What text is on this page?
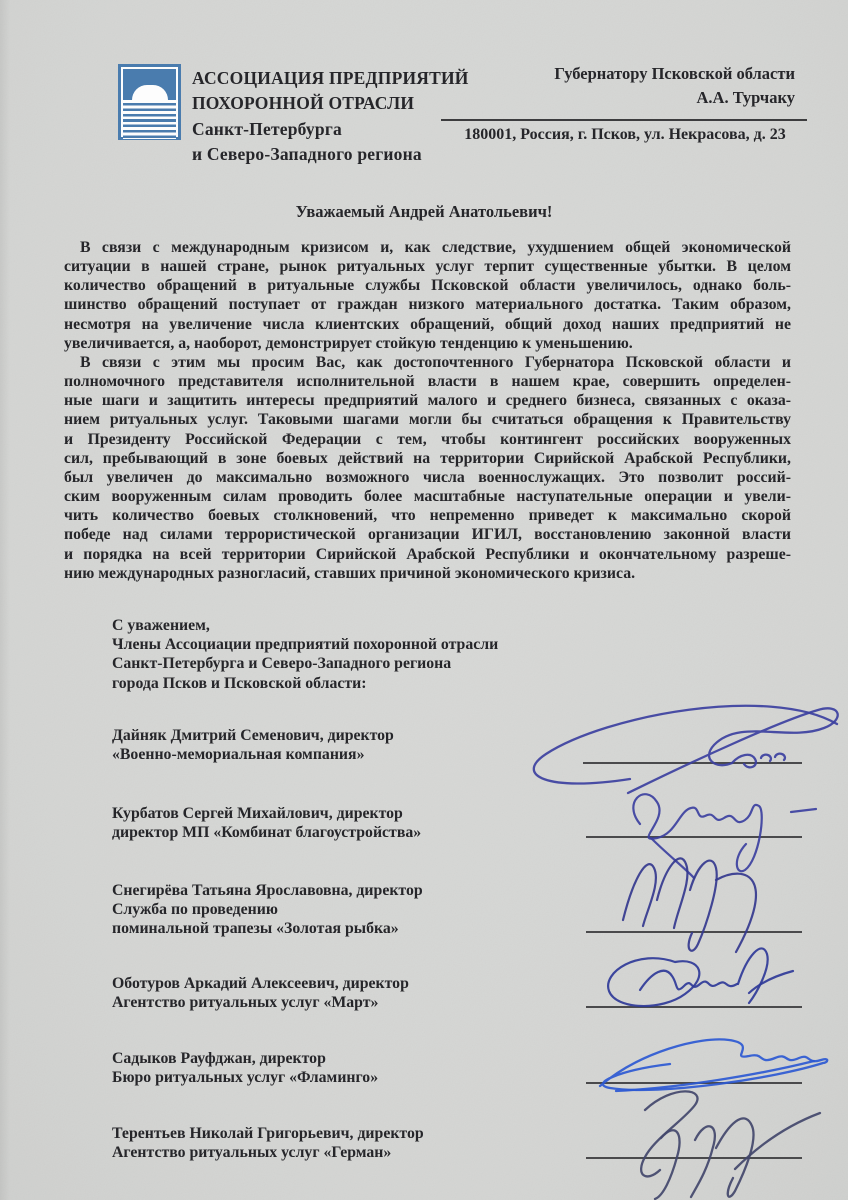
АССОЦИАЦИЯ ПРЕДПРИЯТИЙ
ПОХОРОННОЙ ОТРАСЛИ
Санкт-Петербурга
и Северо-Западного региона
Губернатору Псковской области
А.А. Турчаку
180001, Россия, г. Псков, ул. Некрасова, д. 23
Уважаемый Андрей Анатольевич!
В связи с международным кризисом и, как следствие, ухудшением общей экономической
ситуации в нашей стране, рынок ритуальных услуг терпит существенные убытки. В целом
количество обращений в ритуальные службы Псковской области увеличилось, однако боль-
шинство обращений поступает от граждан низкого материального достатка. Таким образом,
несмотря на увеличение числа клиентских обращений, общий доход наших предприятий не
увеличивается, а, наоборот, демонстрирует стойкую тенденцию к уменьшению.
В связи с этим мы просим Вас, как достопочтенного Губернатора Псковской области и
полномочного представителя исполнительной власти в нашем крае, совершить определен-
ные шаги и защитить интересы предприятий малого и среднего бизнеса, связанных с оказа-
нием ритуальных услуг. Таковыми шагами могли бы считаться обращения к Правительству
и Президенту Российской Федерации с тем, чтобы контингент российских вооруженных
сил, пребывающий в зоне боевых действий на территории Сирийской Арабской Республики,
был увеличен до максимально возможного числа военнослужащих. Это позволит россий-
ским вооруженным силам проводить более масштабные наступательные операции и увели-
чить количество боевых столкновений, что непременно приведет к максимально скорой
победе над силами террористической организации ИГИЛ, восстановлению законной власти
и порядка на всей территории Сирийской Арабской Республики и окончательному разреше-
нию международных разногласий, ставших причиной экономического кризиса.
С уважением,
Члены Ассоциации предприятий похоронной отрасли
Санкт-Петербурга и Северо-Западного региона
города Псков и Псковской области:
Дайняк Дмитрий Семенович, директор
«Военно-мемориальная компания»
Курбатов Сергей Михайлович, директор
директор МП «Комбинат благоустройства»
Снегирёва Татьяна Ярославовна, директор
Служба по проведению
поминальной трапезы «Золотая рыбка»
Оботуров Аркадий Алексеевич, директор
Агентство ритуальных услуг «Март»
Садыков Рауфджан, директор
Бюро ритуальных услуг «Фламинго»
Терентьев Николай Григорьевич, директор
Агентство ритуальных услуг «Герман»
